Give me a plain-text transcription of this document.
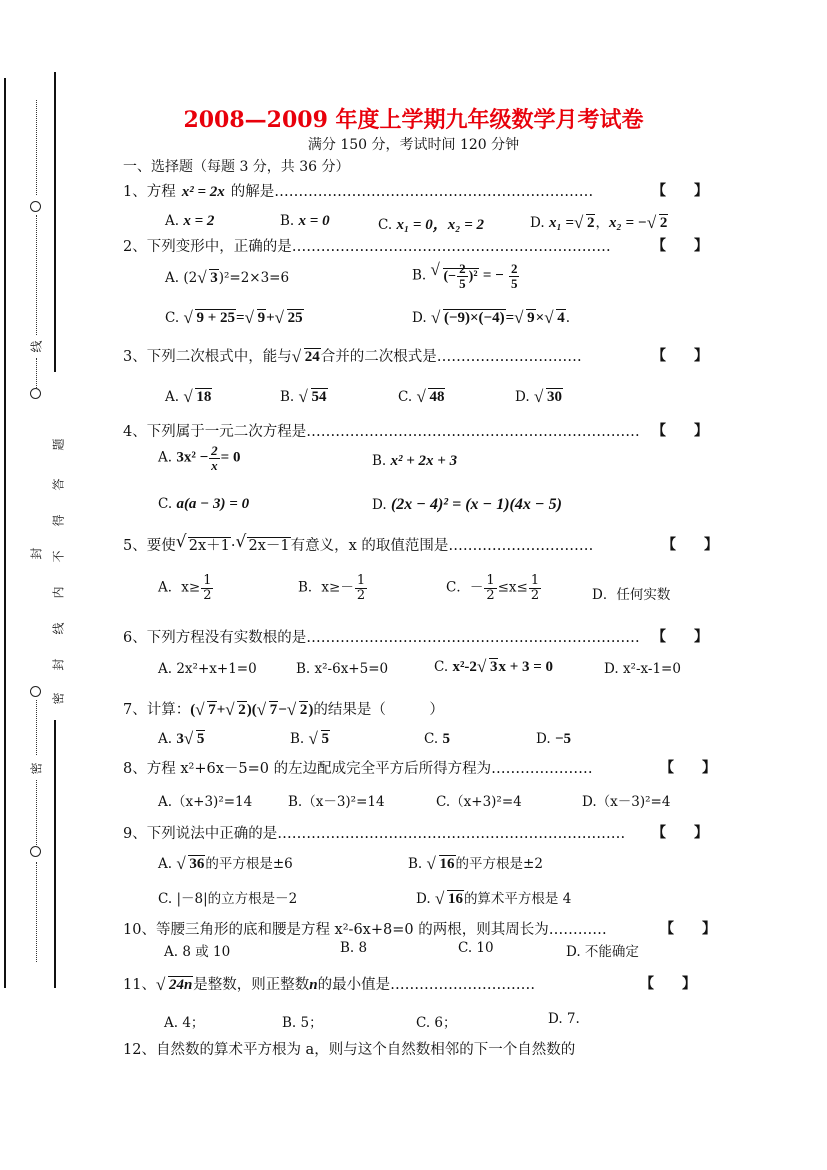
线
题
答
得
不
封
内
线
封
密
密
2008—2009 年度上学期九年级数学月考试卷
满分 150 分，考试时间 120 分钟
一、选择题（每题 3 分，共 36 分）
1、方程 x² = 2x 的解是…………………………………………………………	【　　】
A. x = 2	B. x = 0	C. x₁ = 0，x₂ = 2	D. x₁ = √ 2，x₂ = − √ 2
2、下列变形中，正确的是…………………………………………………………	【　　】
A. (2 √ 3)²=2×3=6	B. √ (− $\frac{2}{5} )^2$ = − $\frac{2}{5}$
C. √ 9 + 25= √ 9+ √ 25	D. √ (−9)×(−4)= √ 9× √ 4.
3、下列二次根式中，能与 √ 24合并的二次根式是…………………………	【　　】
A. √ 18	B. √ 54	C. √ 48	D. √ 30
4、下列属于一元二次方程是…………………………………………………………… 【　　】
A. $3x^2 - \frac{2}{x} = 0$	B. x² + 2x + 3
C. a(a − 3) = 0	D. (2x − 4)² = (x − 1)(4x − 5)
5、要使 √ 2x＋1· √ 2x－1有意义，x 的取值范围是…………………………	【　　】
A．$x\ge \frac{1}{2}$	B．$x\ge- \frac{1}{2}$	C．－ $\frac{1}{2} \le x\le \frac{1}{2}$	D．任何实数
6、下列方程没有实数根的是…………………………………………………………… 【　　】
A. 2x²+x+1=0	B. x²-6x+5=0	C. x²-2 √ 3x + 3 = 0	D. x²-x-1=0
7、计算：( √ 7+ √ 2)( √ 7− √ 2)的结果是（　　　）
A. 3 √ 5	B. √ 5	C. 5	D. −5
8、方程 x²+6x－5=0 的左边配成完全平方后所得方程为…………………	【　　】
A.（x+3)²=14	B.（x－3)²=14	C.（x+3)²=4	D.（x－3)²=4
9、下列说法中正确的是……………………………………………………………… 【　　】
A. √ 36的平方根是±6	B. √ 16的平方根是±2
C. |－8|的立方根是－2	D. √ 16的算术平方根是 4
10、等腰三角形的底和腰是方程 x²-6x+8=0 的两根，则其周长为…………	【　　】
A. 8 或 10	B. 8	C. 10	D. 不能确定
11、 √ 24n是整数，则正整数n的最小值是…………………………	【　　】
A. 4；	B. 5；	C. 6；	D. 7.
12、自然数的算术平方根为 a，则与这个自然数相邻的下一个自然数的
